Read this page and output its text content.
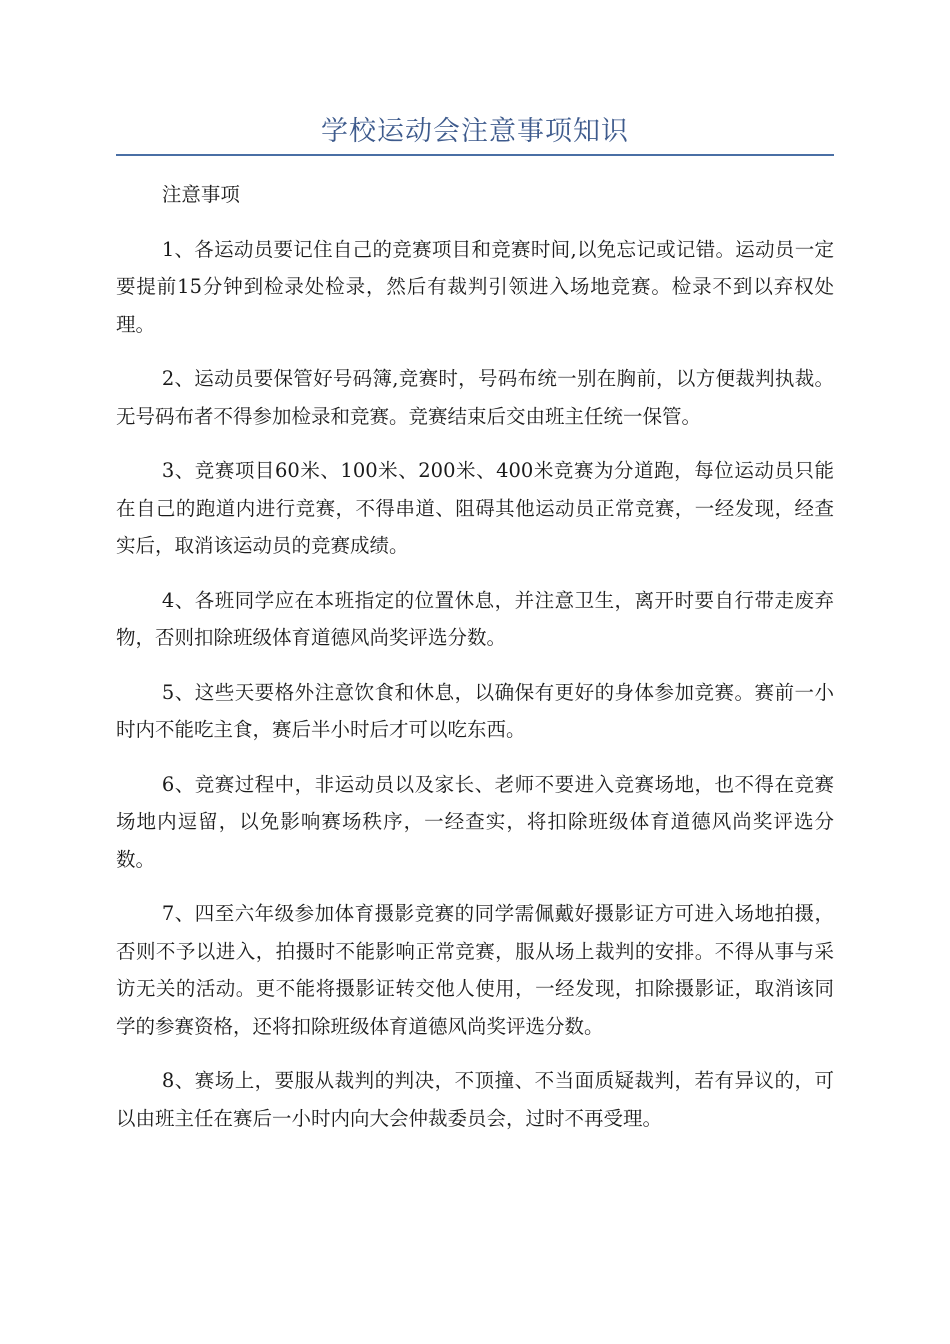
学校运动会注意事项知识

注意事项

1、各运动员要记住自己的竞赛项目和竞赛时间,以免忘记或记错。运动员一定要提前15分钟到检录处检录，然后有裁判引领进入场地竞赛。检录不到以弃权处理。

2、运动员要保管好号码簿,竞赛时，号码布统一别在胸前，以方便裁判执裁。无号码布者不得参加检录和竞赛。竞赛结束后交由班主任统一保管。

3、竞赛项目60米、100米、200米、400米竞赛为分道跑，每位运动员只能在自己的跑道内进行竞赛，不得串道、阻碍其他运动员正常竞赛，一经发现，经查实后，取消该运动员的竞赛成绩。

4、各班同学应在本班指定的位置休息，并注意卫生，离开时要自行带走废弃物，否则扣除班级体育道德风尚奖评选分数。

5、这些天要格外注意饮食和休息，以确保有更好的身体参加竞赛。赛前一小时内不能吃主食，赛后半小时后才可以吃东西。

6、竞赛过程中，非运动员以及家长、老师不要进入竞赛场地，也不得在竞赛场地内逗留，以免影响赛场秩序，一经查实，将扣除班级体育道德风尚奖评选分数。

7、四至六年级参加体育摄影竞赛的同学需佩戴好摄影证方可进入场地拍摄，否则不予以进入，拍摄时不能影响正常竞赛，服从场上裁判的安排。不得从事与采访无关的活动。更不能将摄影证转交他人使用，一经发现，扣除摄影证，取消该同学的参赛资格，还将扣除班级体育道德风尚奖评选分数。

8、赛场上，要服从裁判的判决，不顶撞、不当面质疑裁判，若有异议的，可以由班主任在赛后一小时内向大会仲裁委员会，过时不再受理。
